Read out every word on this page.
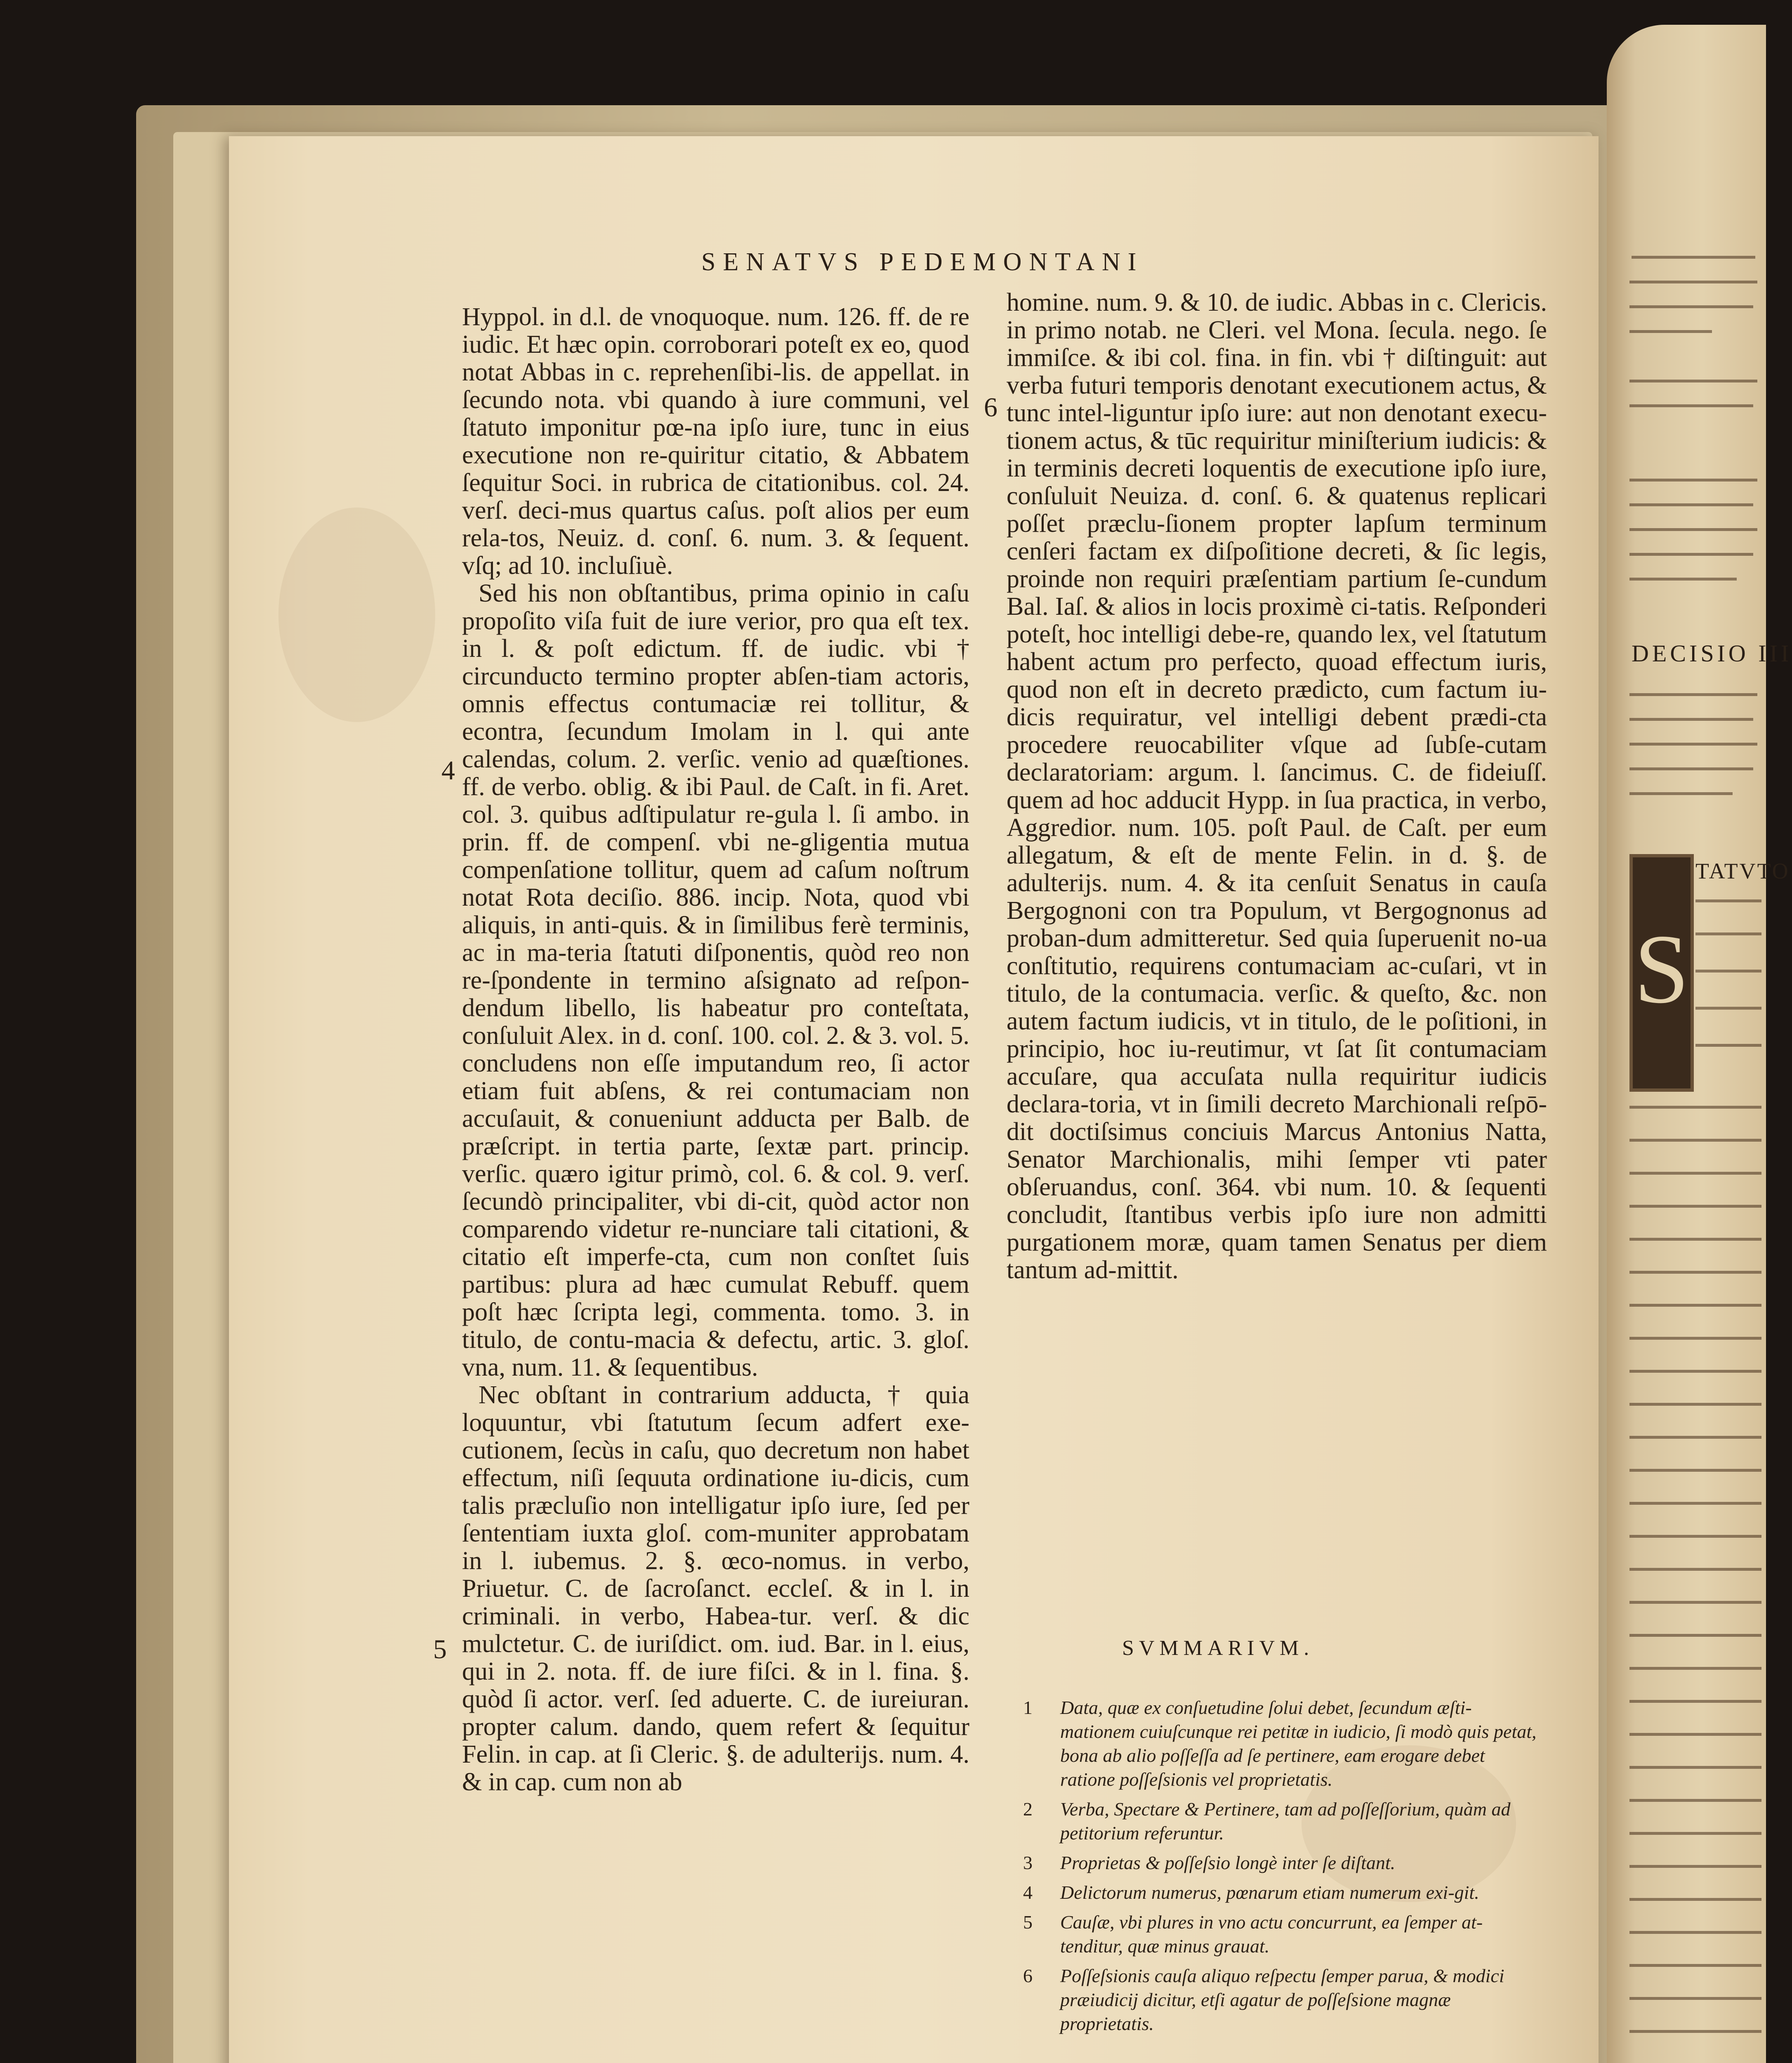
SENATVS PEDEMONTANI

Hyppol. in d.l. de vnoquoque. num. 126. ff. de re iudic. Et hæc opin. corroborari poteſt ex eo, quod notat Abbas in c. reprehenſibi-lis. de appellat. in ſecundo nota. vbi quando à iure communi, vel ſtatuto imponitur pœ-na ipſo iure, tunc in eius executione non re-quiritur citatio, & Abbatem ſequitur Soci. in rubrica de citationibus. col. 24. verſ. deci-mus quartus caſus. poſt alios per eum rela-tos, Neuiz. d. conſ. 6. num. 3. & ſequent. vſq; ad 10. incluſiuè.

Sed his non obſtantibus, prima opinio in caſu propoſito viſa fuit de iure verior, pro qua eſt tex. in l. & poſt edictum. ff. de iudic. vbi † circunducto termino propter abſen-tiam actoris, omnis effectus contumaciæ rei tollitur, & econtra, ſecundum Imolam in l. qui ante calendas, colum. 2. verſic. venio ad quæſtiones. ff. de verbo. oblig. & ibi Paul. de Caſt. in fi. Aret. col. 3. quibus adſtipulatur re-gula l. ſi ambo. in prin. ff. de compenſ. vbi ne-gligentia mutua compenſatione tollitur, quem ad caſum noſtrum notat Rota deciſio. 886. incip. Nota, quod vbi aliquis, in anti-quis. & in ſimilibus ferè terminis, ac in ma-teria ſtatuti diſponentis, quòd reo non re-ſpondente in termino aſsignato ad reſpon-dendum libello, lis habeatur pro conteſtata, conſuluit Alex. in d. conſ. 100. col. 2. & 3. vol. 5. concludens non eſſe imputandum reo, ſi actor etiam fuit abſens, & rei contumaciam non accuſauit, & conueniunt adducta per Balb. de præſcript. in tertia parte, ſextæ part. princip. verſic. quæro igitur primò, col. 6. & col. 9. verſ. ſecundò principaliter, vbi di-cit, quòd actor non comparendo videtur re-nunciare tali citationi, & citatio eſt imperfe-cta, cum non conſtet ſuis partibus: plura ad hæc cumulat Rebuff. quem poſt hæc ſcripta legi, commenta. tomo. 3. in titulo, de contu-macia & defectu, artic. 3. gloſ. vna, num. 11. & ſequentibus.

Nec obſtant in contrarium adducta, † quia loquuntur, vbi ſtatutum ſecum adfert exe-cutionem, ſecùs in caſu, quo decretum non habet effectum, niſi ſequuta ordinatione iu-dicis, cum talis præcluſio non intelligatur ipſo iure, ſed per ſententiam iuxta gloſ. com-muniter approbatam in l. iubemus. 2. §. œco-nomus. in verbo, Priuetur. C. de ſacroſanct. eccleſ. & in l. in criminali. in verbo, Habea-tur. verſ. & dic mulctetur. C. de iuriſdict. om. iud. Bar. in l. eius, qui in 2. nota. ff. de iure fiſci. & in l. fina. §. quòd ſi actor. verſ. ſed aduerte. C. de iureiuran. propter calum. dando, quem refert & ſequitur Felin. in cap. at ſi Cleric. §. de adulterijs. num. 4. & in cap. cum non ab

4
5
6

homine. num. 9. & 10. de iudic. Abbas in c. Clericis. in primo notab. ne Cleri. vel Mona. ſecula. nego. ſe immiſce. & ibi col. fina. in fin. vbi † diſtinguit: aut verba futuri temporis denotant executionem actus, & tunc intel-liguntur ipſo iure: aut non denotant execu-tionem actus, & tūc requiritur miniſterium iudicis: & in terminis decreti loquentis de executione ipſo iure, conſuluit Neuiza. d. conſ. 6. & quatenus replicari poſſet præclu-ſionem propter lapſum terminum cenſeri factam ex diſpoſitione decreti, & ſic legis, proinde non requiri præſentiam partium ſe-cundum Bal. Iaſ. & alios in locis proximè ci-tatis. Reſponderi poteſt, hoc intelligi debe-re, quando lex, vel ſtatutum habent actum pro perfecto, quoad effectum iuris, quod non eſt in decreto prædicto, cum factum iu-dicis requiratur, vel intelligi debent prædi-cta procedere reuocabiliter vſque ad ſubſe-cutam declaratoriam: argum. l. ſancimus. C. de fideiuſſ. quem ad hoc adducit Hypp. in ſua practica, in verbo, Aggredior. num. 105. poſt Paul. de Caſt. per eum allegatum, & eſt de mente Felin. in d. §. de adulterijs. num. 4. & ita cenſuit Senatus in cauſa Bergognoni con tra Populum, vt Bergognonus ad proban-dum admitteretur. Sed quia ſuperuenit no-ua conſtitutio, requirens contumaciam ac-cuſari, vt in titulo, de la contumacia. verſic. & queſto, &c. non autem factum iudicis, vt in titulo, de le poſitioni, in principio, hoc iu-reutimur, vt ſat ſit contumaciam accuſare, qua accuſata nulla requiritur iudicis declara-toria, vt in ſimili decreto Marchionali reſpō-dit doctiſsimus conciuis Marcus Antonius Natta, Senator Marchionalis, mihi ſemper vti pater obſeruandus, conſ. 364. vbi num. 10. & ſequenti concludit, ſtantibus verbis ipſo iure non admitti purgationem moræ, quam tamen Senatus per diem tantum ad-mittit.

SVMMARIVM.
1 Data, quæ ex conſuetudine ſolui debet, ſecundum æſti-mationem cuiuſcunque rei petitæ in iudicio, ſi modò quis petat, bona ab alio poſſeſſa ad ſe pertinere, eam erogare debet ratione poſſeſsionis vel proprietatis.
2 Verba, Spectare & Pertinere, tam ad poſſeſſorium, quàm ad petitorium referuntur.
3 Proprietas & poſſeſsio longè inter ſe diſtant.
4 Delictorum numerus, pœnarum etiam numerum exi-git.
5 Cauſæ, vbi plures in vno actu concurrunt, ea ſemper at-tenditur, quæ minus grauat.
6 Poſſeſsionis cauſa aliquo reſpectu ſemper parua, & modici præiudicij dicitur, etſi agatur de poſſeſsione magnæ proprietatis.
DECISIO III
S
TATVTO
